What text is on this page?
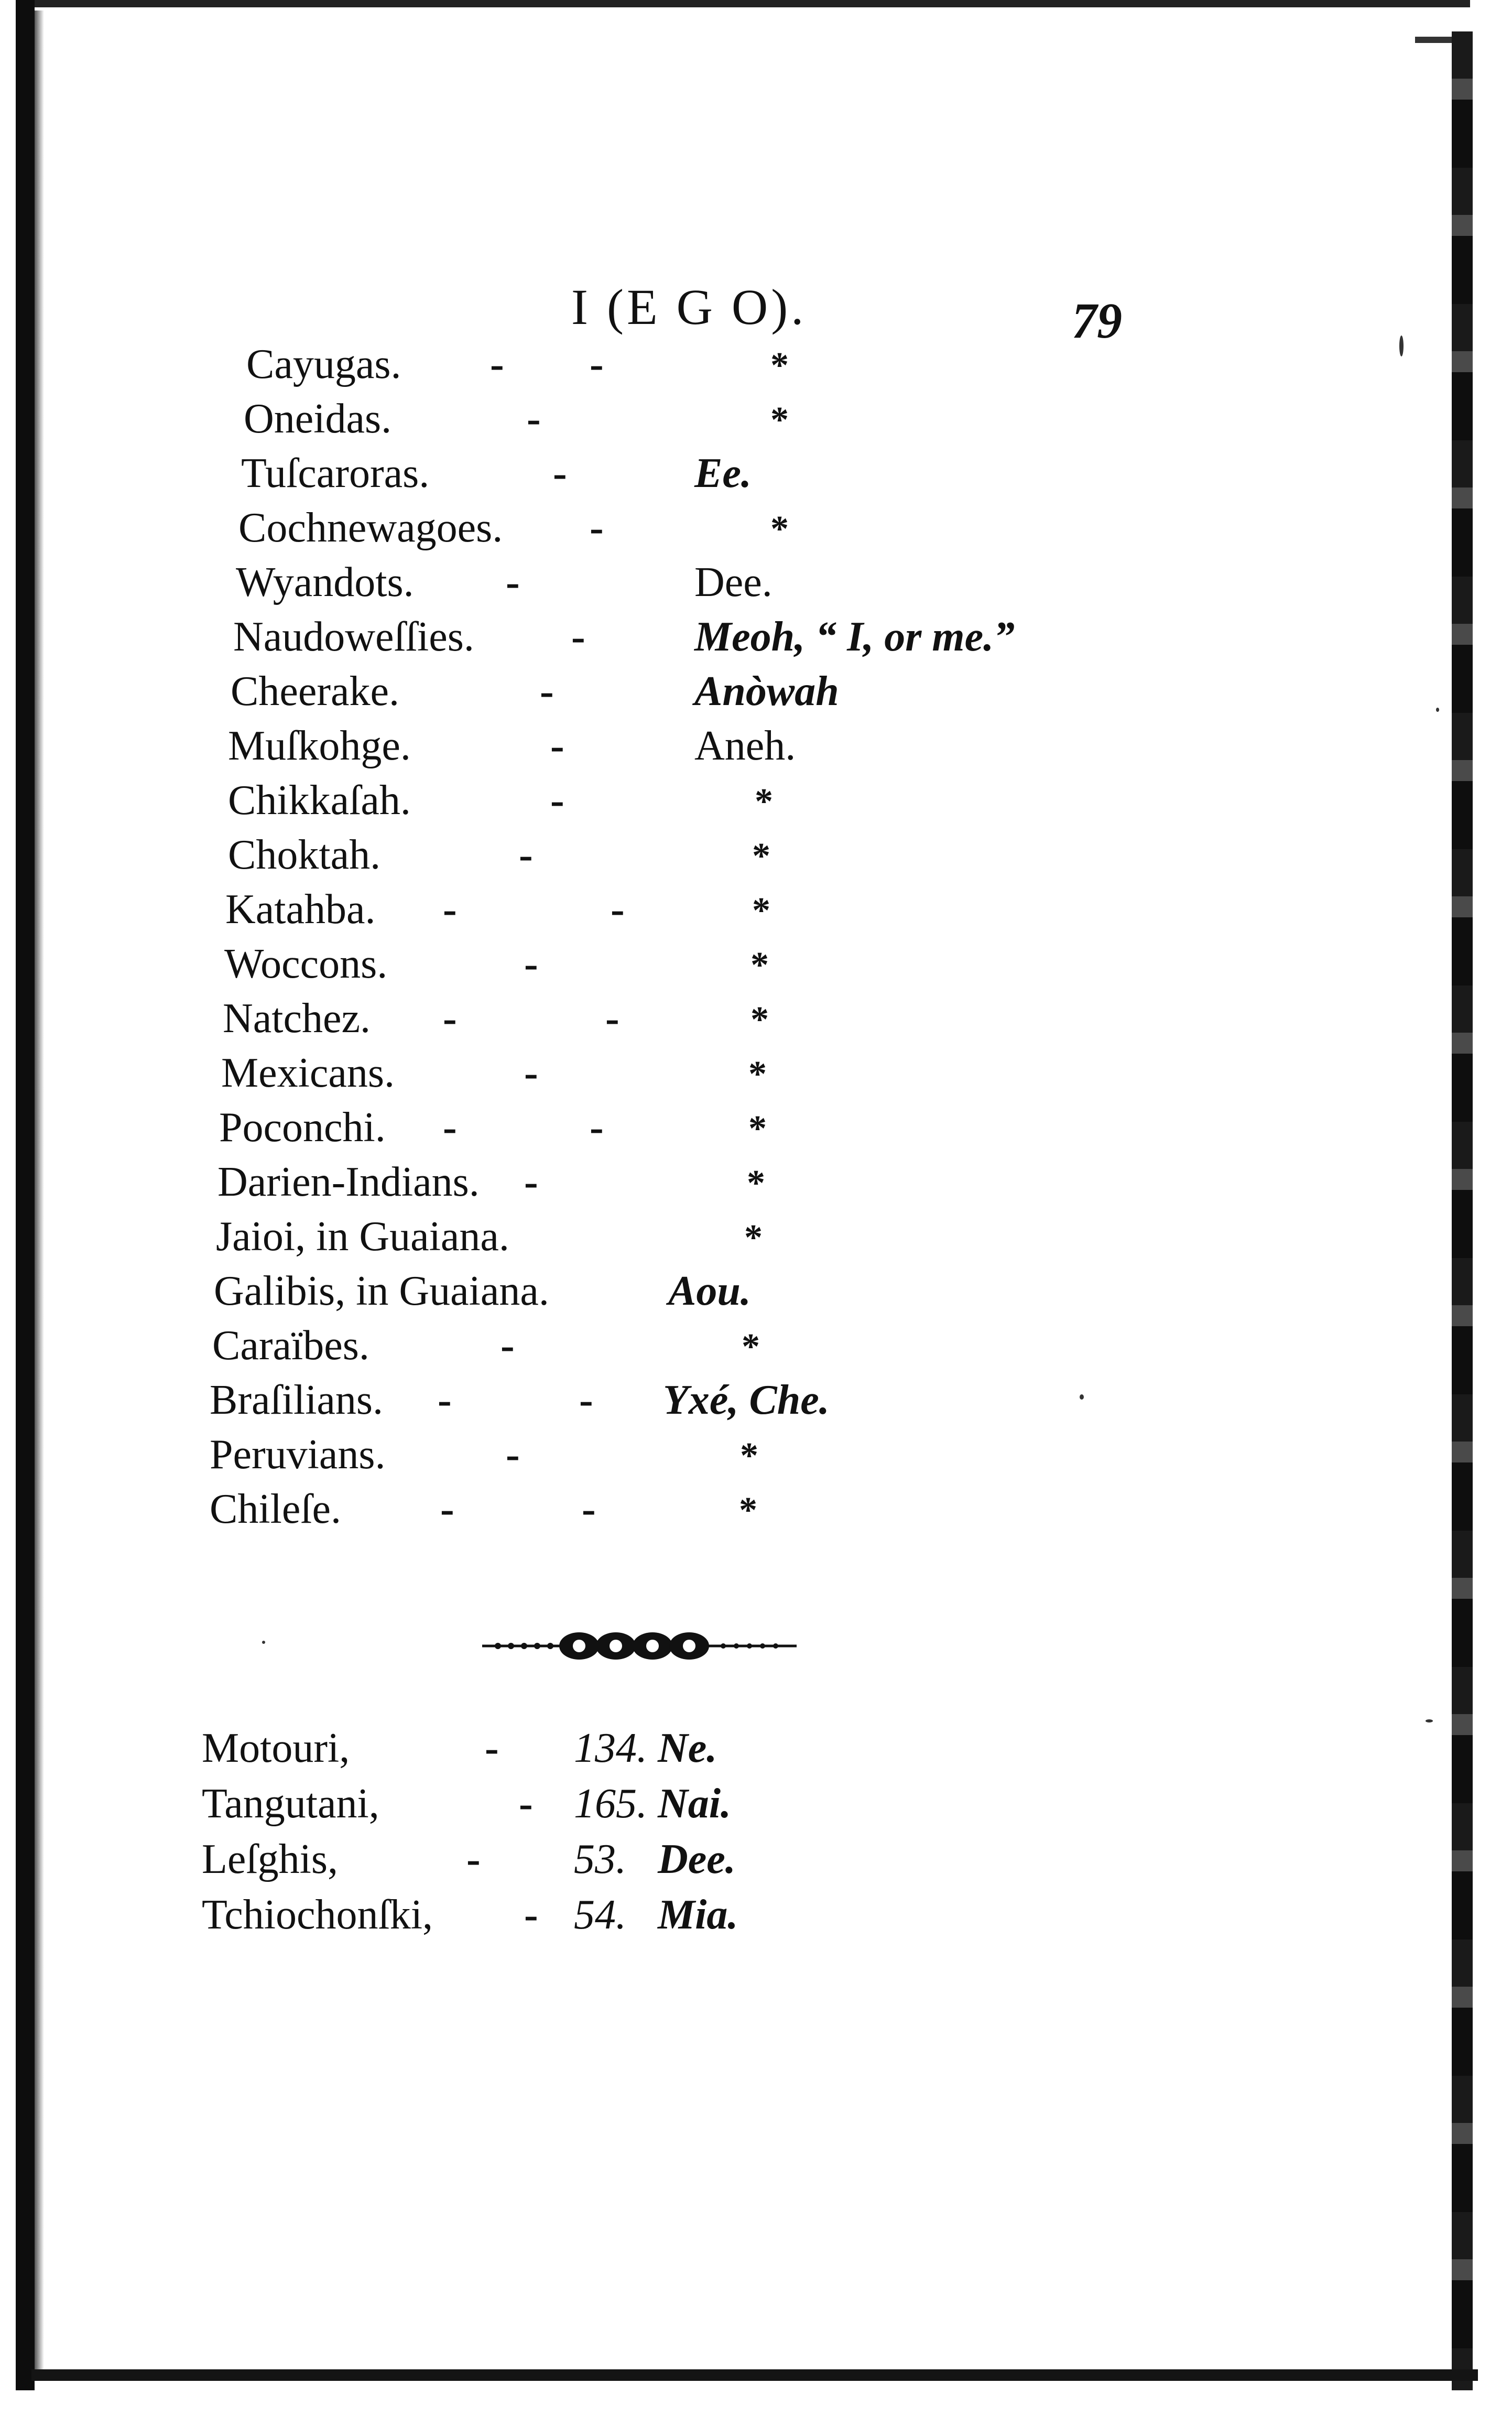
I (E G O).	79
Cayugas. - -	*
Oneidas.	-	*
Tuſcaroras.	-	Ee.
Cochnewagoes. -	*
Wyandots. -	Dee.
Naudoweſſies. -	Meoh, “ I, or me.”
Cheerake.	-	Anòwah
Muſkohge.	-	Aneh.
Chikkaſah.	-	*
Choktah.	-	*
Katahba. -	-	*
Woccons.	-	*
Natchez. -	-	*
Mexicans.	-	*
Poconchi. -	-	*
Darien-Indians. -	*
Jaioi, in Guaiana.	*
Galibis, in Guaiana.	Aou.
Caraïbes.	-	*
Braſilians. -	- Yxé, Che.
Peruvians.	-	*
Chileſe. -	-	*
Motouri,	- 134. Ne.
Tangutani,	- 165. Nai.
Leſghis,	- 53. Dee.
Tchiochonſki, - 54. Mia.
